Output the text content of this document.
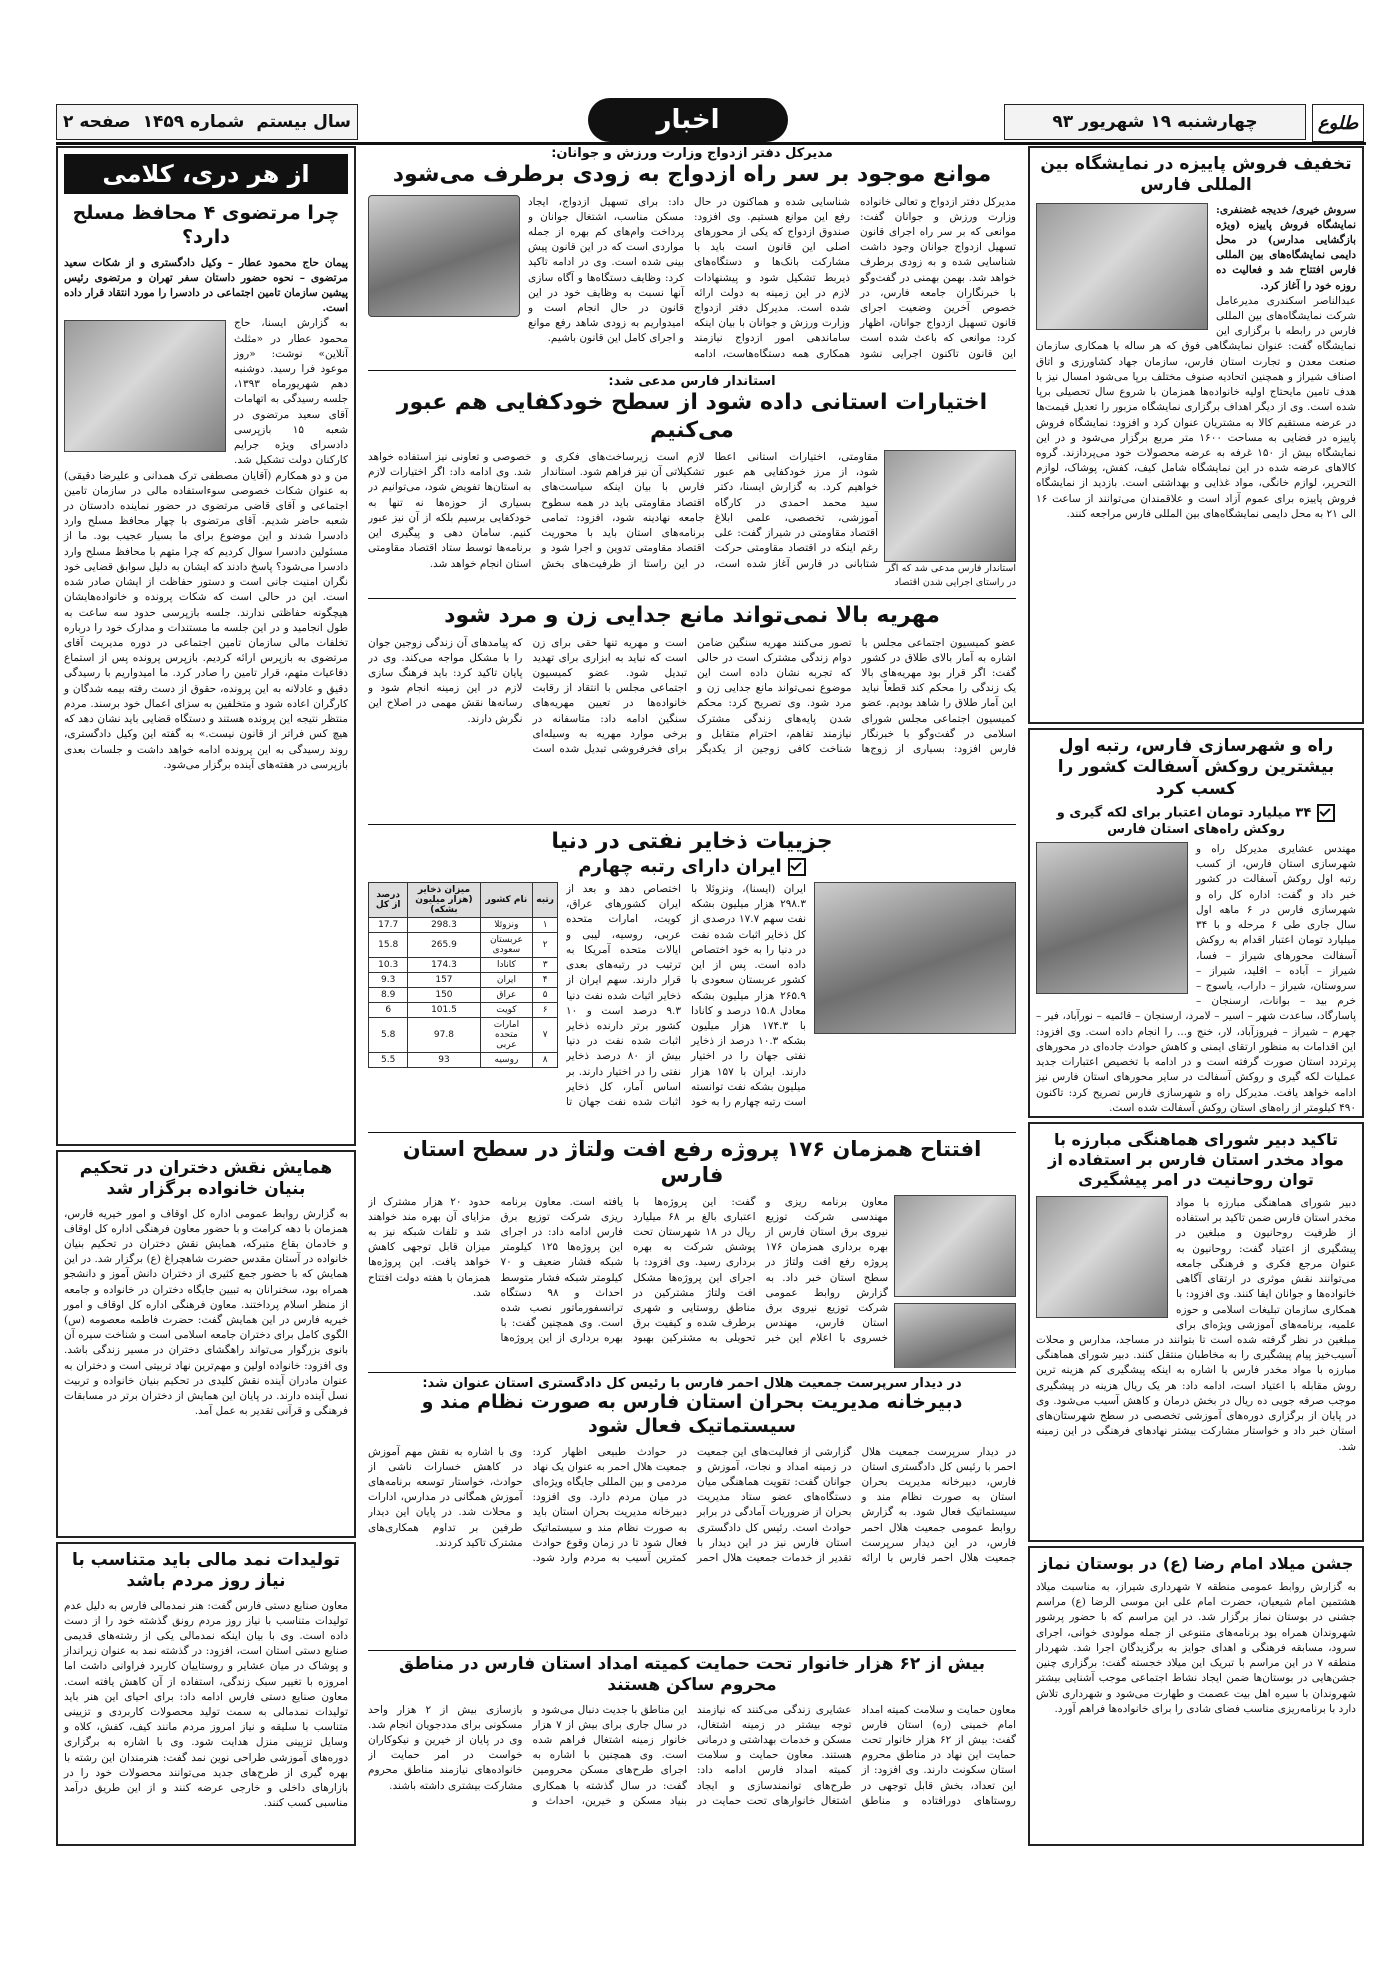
طلوع
چهارشنبه ۱۹ شهریور ۹۳
اخبار
سال بیستم
شماره ۱۴۵۹
صفحه ۲
تخفیف فروش پاییزه در نمایشگاه بین المللی فارس
سروش خیری/ خدیجه غضنفری: نمایشگاه فروش پاییزه (ویژه بازگشایی مدارس) در محل دایمی نمایشگاه‌های بین المللی فارس افتتاح شد و فعالیت ده روزه خود را آغاز کرد.
عبدالناصر اسکندری مدیرعامل شرکت نمایشگاه‌های بین المللی فارس در رابطه با برگزاری این نمایشگاه گفت: عنوان نمایشگاهی فوق که هر ساله با همکاری سازمان صنعت معدن و تجارت استان فارس، سازمان جهاد کشاورزی و اتاق اصناف شیراز و همچنین اتحادیه صنوف مختلف برپا می‌شود امسال نیز با هدف تامین مایحتاج اولیه خانواده‌ها همزمان با شروع سال تحصیلی برپا شده است. وی از دیگر اهداف برگزاری نمایشگاه مزبور را تعدیل قیمت‌ها در عرضه مستقیم کالا به مشتریان عنوان کرد و افزود: نمایشگاه فروش پاییزه در فضایی به مساحت ۱۶۰۰ متر مربع برگزار می‌شود و در این نمایشگاه بیش از ۱۵۰ غرفه به عرضه محصولات خود می‌پردازند. گروه کالاهای عرضه شده در این نمایشگاه شامل کیف، کفش، پوشاک، لوازم التحریر، لوازم خانگی، مواد غذایی و بهداشتی است. بازدید از نمایشگاه فروش پاییزه برای عموم آزاد است و علاقمندان می‌توانند از ساعت ۱۶ الی ۲۱ به محل دایمی نمایشگاه‌های بین المللی فارس مراجعه کنند.
راه و شهرسازی فارس، رتبه اول بیشترین روکش آسفالت کشور را کسب کرد
۳۴ میلیارد تومان اعتبار برای لکه گیری و روکش راه‌های استان فارس
مهندس عشایری مدیرکل راه و شهرسازی استان فارس، از کسب رتبه اول روکش آسفالت در کشور خبر داد و گفت: اداره کل راه و شهرسازی فارس در ۶ ماهه اول سال جاری طی ۶ مرحله و با ۳۴ میلیارد تومان اعتبار اقدام به روکش آسفالت محورهای شیراز – فسا، شیراز – آباده – اقلید، شیراز – سروستان، شیراز – داراب، یاسوج – خرم بید – بوانات، ارسنجان – پاسارگاد، ساعدت شهر – اسیر – لامرد، ارسنجان – قائمیه – نورآباد، فیر – جهرم – شیراز – فیروزآباد، لار، خنج و... را انجام داده است. وی افزود: این اقدامات به منظور ارتقای ایمنی و کاهش حوادث جاده‌ای در محورهای پرتردد استان صورت گرفته است و در ادامه با تخصیص اعتبارات جدید عملیات لکه گیری و روکش آسفالت در سایر محورهای استان فارس نیز ادامه خواهد یافت. مدیرکل راه و شهرسازی فارس تصریح کرد: تاکنون ۴۹۰ کیلومتر از راه‌های استان روکش آسفالت شده است.
تاکید دبیر شورای هماهنگی مبارزه با مواد مخدر استان فارس بر استفاده از توان روحانیت در امر پیشگیری
دبیر شورای هماهنگی مبارزه با مواد مخدر استان فارس ضمن تاکید بر استفاده از ظرفیت روحانیون و مبلغین در پیشگیری از اعتیاد گفت: روحانیون به عنوان مرجع فکری و فرهنگی جامعه می‌توانند نقش موثری در ارتقای آگاهی خانواده‌ها و جوانان ایفا کنند. وی افزود: با همکاری سازمان تبلیغات اسلامی و حوزه علمیه، برنامه‌های آموزشی ویژه‌ای برای مبلغین در نظر گرفته شده است تا بتوانند در مساجد، مدارس و محلات آسیب‌خیز پیام پیشگیری را به مخاطبان منتقل کنند. دبیر شورای هماهنگی مبارزه با مواد مخدر فارس با اشاره به اینکه پیشگیری کم هزینه ترین روش مقابله با اعتیاد است، ادامه داد: هر یک ریال هزینه در پیشگیری موجب صرفه جویی ده ریال در بخش درمان و کاهش آسیب می‌شود. وی در پایان از برگزاری دوره‌های آموزشی تخصصی در سطح شهرستان‌های استان خبر داد و خواستار مشارکت بیشتر نهادهای فرهنگی در این زمینه شد.
جشن میلاد امام رضا (ع) در بوستان نماز
به گزارش روابط عمومی منطقه ۷ شهرداری شیراز، به مناسبت میلاد هشتمین امام شیعیان، حضرت امام علی ابن موسی الرضا (ع) مراسم جشنی در بوستان نماز برگزار شد. در این مراسم که با حضور پرشور شهروندان همراه بود برنامه‌های متنوعی از جمله مولودی خوانی، اجرای سرود، مسابقه فرهنگی و اهدای جوایز به برگزیدگان اجرا شد. شهردار منطقه ۷ در این مراسم با تبریک این میلاد خجسته گفت: برگزاری چنین جشن‌هایی در بوستان‌ها ضمن ایجاد نشاط اجتماعی موجب آشنایی بیشتر شهروندان با سیره اهل بیت عصمت و طهارت می‌شود و شهرداری تلاش دارد با برنامه‌ریزی مناسب فضای شادی را برای خانواده‌ها فراهم آورد.
مدیرکل دفتر ازدواج وزارت ورزش و جوانان:
موانع موجود بر سر راه ازدواج به زودی برطرف می‌شود
مدیرکل دفتر ازدواج و تعالی خانواده وزارت ورزش و جوانان گفت: موانعی که بر سر راه اجرای قانون تسهیل ازدواج جوانان وجود داشت شناسایی شده و به زودی برطرف خواهد شد. بهمن بهمنی در گفت‌وگو با خبرنگاران جامعه فارس، در خصوص آخرین وضعیت اجرای قانون تسهیل ازدواج جوانان، اظهار کرد: موانعی که باعث شده است این قانون تاکنون اجرایی نشود شناسایی شده و هماکنون در حال رفع این موانع هستیم. وی افزود: صندوق ازدواج که یکی از محورهای اصلی این قانون است باید با مشارکت بانک‌ها و دستگاه‌های ذیربط تشکیل شود و پیشنهادات لازم در این زمینه به دولت ارائه شده است. مدیرکل دفتر ازدواج وزارت ورزش و جوانان با بیان اینکه ساماندهی امور ازدواج نیازمند همکاری همه دستگاه‌هاست، ادامه داد: برای تسهیل ازدواج، ایجاد مسکن مناسب، اشتغال جوانان و پرداخت وام‌های کم بهره از جمله مواردی است که در این قانون پیش بینی شده است. وی در ادامه تاکید کرد: وظایف دستگاه‌ها و آگاه سازی آنها نسبت به وظایف خود در این قانون در حال انجام است و امیدواریم به زودی شاهد رفع موانع و اجرای کامل این قانون باشیم.
استاندار فارس مدعی شد:
اختیارات استانی داده شود از سطح خودکفایی هم عبور می‌کنیم
استاندار فارس مدعی شد که اگر در راستای اجرایی شدن اقتصاد
مقاومتی، اختیارات استانی اعطا شود، از مرز خودکفایی هم عبور خواهیم کرد. به گزارش ایسنا، دکتر سید محمد احمدی در کارگاه آموزشی، تخصصی، علمی ابلاغ اقتصاد مقاومتی در شیراز گفت: علی رغم اینکه در اقتصاد مقاومتی حرکت شتابانی در فارس آغاز شده است، لازم است زیرساخت‌های فکری و تشکیلاتی آن نیز فراهم شود. استاندار فارس با بیان اینکه سیاست‌های اقتصاد مقاومتی باید در همه سطوح جامعه نهادینه شود، افزود: تمامی برنامه‌های استان باید با محوریت اقتصاد مقاومتی تدوین و اجرا شود و در این راستا از ظرفیت‌های بخش خصوصی و تعاونی نیز استفاده خواهد شد. وی ادامه داد: اگر اختیارات لازم به استان‌ها تفویض شود، می‌توانیم در بسیاری از حوزه‌ها نه تنها به خودکفایی برسیم بلکه از آن نیز عبور کنیم. سامان دهی و پیگیری این برنامه‌ها توسط ستاد اقتصاد مقاومتی استان انجام خواهد شد.
مهریه بالا نمی‌تواند مانع جدایی زن و مرد شود
عضو کمیسیون اجتماعی مجلس با اشاره به آمار بالای طلاق در کشور گفت: اگر قرار بود مهریه‌های بالا یک زندگی را محکم کند قطعاً نباید این آمار طلاق را شاهد بودیم. عضو کمیسیون اجتماعی مجلس شورای اسلامی در گفت‌وگو با خبرنگار فارس افزود: بسیاری از زوج‌ها تصور می‌کنند مهریه سنگین ضامن دوام زندگی مشترک است در حالی که تجربه نشان داده است این موضوع نمی‌تواند مانع جدایی زن و مرد شود. وی تصریح کرد: محکم شدن پایه‌های زندگی مشترک نیازمند تفاهم، احترام متقابل و شناخت کافی زوجین از یکدیگر است و مهریه تنها حقی برای زن است که نباید به ابزاری برای تهدید تبدیل شود. عضو کمیسیون اجتماعی مجلس با انتقاد از رقابت خانواده‌ها در تعیین مهریه‌های سنگین ادامه داد: متاسفانه در برخی موارد مهریه به وسیله‌ای برای فخرفروشی تبدیل شده است که پیامدهای آن زندگی زوجین جوان را با مشکل مواجه می‌کند. وی در پایان تاکید کرد: باید فرهنگ سازی لازم در این زمینه انجام شود و رسانه‌ها نقش مهمی در اصلاح این نگرش دارند.
جزییات ذخایر نفتی در دنیا
ایران دارای رتبه چهارم
ایران (ایسنا)، ونزوئلا با ۲۹۸.۳ هزار میلیون بشکه نفت سهم ۱۷.۷ درصدی از کل ذخایر اثبات شده نفت در دنیا را به خود اختصاص داده است. پس از این کشور عربستان سعودی با ۲۶۵.۹ هزار میلیون بشکه معادل ۱۵.۸ درصد و کانادا با ۱۷۴.۳ هزار میلیون بشکه ۱۰.۳ درصد از ذخایر نفتی جهان را در اختیار دارند. ایران با ۱۵۷ هزار میلیون بشکه نفت توانسته است رتبه چهارم را به خود اختصاص دهد و بعد از ایران کشورهای عراق، کویت، امارات متحده عربی، روسیه، لیبی و ایالات متحده آمریکا به ترتیب در رتبه‌های بعدی قرار دارند. سهم ایران از ذخایر اثبات شده نفت دنیا ۹.۳ درصد است و ۱۰ کشور برتر دارنده ذخایر اثبات شده نفت در دنیا بیش از ۸۰ درصد ذخایر نفتی را در اختیار دارند. بر اساس آمار، کل ذخایر اثبات شده نفت جهان تا
رتبه	نام کشور	میزان ذخایر (هزار میلیون بشکه)	درصد از کل
۱	ونزوئلا	298.3	17.7
۲	عربستان سعودی	265.9	15.8
۳	کانادا	174.3	10.3
۴	ایران	157	9.3
۵	عراق	150	8.9
۶	کویت	101.5	6
۷	امارات متحده عربی	97.8	5.8
۸	روسیه	93	5.5
افتتاح همزمان ۱۷۶ پروژه رفع افت ولتاژ در سطح استان فارس
معاون برنامه ریزی و مهندسی شرکت توزیع نیروی برق استان فارس از بهره برداری همزمان ۱۷۶ پروژه رفع افت ولتاژ در سطح استان خبر داد. به گزارش روابط عمومی شرکت توزیع نیروی برق استان فارس، مهندس خسروی با اعلام این خبر گفت: این پروژه‌ها با اعتباری بالغ بر ۶۸ میلیارد ریال در ۱۸ شهرستان تحت پوشش شرکت به بهره برداری رسید. وی افزود: با اجرای این پروژه‌ها مشکل افت ولتاژ مشترکین در مناطق روستایی و شهری برطرف شده و کیفیت برق تحویلی به مشترکین بهبود یافته است. معاون برنامه ریزی شرکت توزیع برق فارس ادامه داد: در اجرای این پروژه‌ها ۱۲۵ کیلومتر شبکه فشار ضعیف و ۷۰ کیلومتر شبکه فشار متوسط احداث و ۹۸ دستگاه ترانسفورماتور نصب شده است. وی همچنین گفت: با بهره برداری از این پروژه‌ها حدود ۲۰ هزار مشترک از مزایای آن بهره مند خواهند شد و تلفات شبکه نیز به میزان قابل توجهی کاهش خواهد یافت. این پروژه‌ها همزمان با هفته دولت افتتاح شد.
در دیدار سرپرست جمعیت هلال احمر فارس با رئیس کل دادگستری استان عنوان شد:
دبیرخانه مدیریت بحران استان فارس به صورت نظام مند و سیستماتیک فعال شود
در دیدار سرپرست جمعیت هلال احمر با رئیس کل دادگستری استان فارس، دبیرخانه مدیریت بحران استان به صورت نظام مند و سیستماتیک فعال شود. به گزارش روابط عمومی جمعیت هلال احمر فارس، در این دیدار سرپرست جمعیت هلال احمر فارس با ارائه گزارشی از فعالیت‌های این جمعیت در زمینه امداد و نجات، آموزش و جوانان گفت: تقویت هماهنگی میان دستگاه‌های عضو ستاد مدیریت بحران از ضروریات آمادگی در برابر حوادث است. رئیس کل دادگستری استان فارس نیز در این دیدار با تقدیر از خدمات جمعیت هلال احمر در حوادث طبیعی اظهار کرد: جمعیت هلال احمر به عنوان یک نهاد مردمی و بین المللی جایگاه ویژه‌ای در میان مردم دارد. وی افزود: دبیرخانه مدیریت بحران استان باید به صورت نظام مند و سیستماتیک فعال شود تا در زمان وقوع حوادث کمترین آسیب به مردم وارد شود. وی با اشاره به نقش مهم آموزش در کاهش خسارات ناشی از حوادث، خواستار توسعه برنامه‌های آموزش همگانی در مدارس، ادارات و محلات شد. در پایان این دیدار طرفین بر تداوم همکاری‌های مشترک تاکید کردند.
بیش از ۶۲ هزار خانوار تحت حمایت کمیته امداد استان فارس در مناطق محروم ساکن هستند
معاون حمایت و سلامت کمیته امداد امام خمینی (ره) استان فارس گفت: بیش از ۶۲ هزار خانوار تحت حمایت این نهاد در مناطق محروم استان سکونت دارند. وی افزود: از این تعداد، بخش قابل توجهی در روستاهای دورافتاده و مناطق عشایری زندگی می‌کنند که نیازمند توجه بیشتر در زمینه اشتغال، مسکن و خدمات بهداشتی و درمانی هستند. معاون حمایت و سلامت کمیته امداد فارس ادامه داد: طرح‌های توانمندسازی و ایجاد اشتغال خانوارهای تحت حمایت در این مناطق با جدیت دنبال می‌شود و در سال جاری برای بیش از ۷ هزار خانوار زمینه اشتغال فراهم شده است. وی همچنین با اشاره به اجرای طرح‌های مسکن محرومین گفت: در سال گذشته با همکاری بنیاد مسکن و خیرین، احداث و بازسازی بیش از ۲ هزار واحد مسکونی برای مددجویان انجام شد. وی در پایان از خیرین و نیکوکاران خواست در امر حمایت از خانواده‌های نیازمند مناطق محروم مشارکت بیشتری داشته باشند.
از هر دری، کلامی
چرا مرتضوی ۴ محافظ مسلح دارد؟
پیمان حاج محمود عطار – وکیل دادگستری و از شکات سعید مرتضوی – نحوه حضور داستان سفر تهران و مرتضوی رئیس پیشین سازمان تامین اجتماعی در دادسرا را مورد انتقاد قرار داده است.
به گزارش ایسنا، حاج محمود عطار در «مثلث آنلاین» نوشت: «روز موعود فرا رسید. دوشنبه دهم شهریورماه ۱۳۹۳، جلسه رسیدگی به اتهامات آقای سعید مرتضوی در شعبه ۱۵ بازپرسی دادسرای ویژه جرایم کارکنان دولت تشکیل شد. من و دو همکارم (آقایان مصطفی ترک همدانی و علیرضا دقیقی) به عنوان شکات خصوصی سوءاستفاده مالی در سازمان تامین اجتماعی و آقای قاضی مرتضوی در حضور نماینده دادستان در شعبه حاضر شدیم. آقای مرتضوی با چهار محافظ مسلح وارد دادسرا شدند و این موضوع برای ما بسیار عجیب بود. ما از مسئولین دادسرا سوال کردیم که چرا متهم با محافظ مسلح وارد دادسرا می‌شود؟ پاسخ دادند که ایشان به دلیل سوابق قضایی خود نگران امنیت جانی است و دستور حفاظت از ایشان صادر شده است. این در حالی است که شکات پرونده و خانواده‌هایشان هیچگونه حفاظتی ندارند. جلسه بازپرسی حدود سه ساعت به طول انجامید و در این جلسه ما مستندات و مدارک خود را درباره تخلفات مالی سازمان تامین اجتماعی در دوره مدیریت آقای مرتضوی به بازپرس ارائه کردیم. بازپرس پرونده پس از استماع دفاعیات متهم، قرار تامین را صادر کرد. ما امیدواریم با رسیدگی دقیق و عادلانه به این پرونده، حقوق از دست رفته بیمه شدگان و کارگران اعاده شود و متخلفین به سزای اعمال خود برسند. مردم منتظر نتیجه این پرونده هستند و دستگاه قضایی باید نشان دهد که هیچ کس فراتر از قانون نیست.» به گفته این وکیل دادگستری، روند رسیدگی به این پرونده ادامه خواهد داشت و جلسات بعدی بازپرسی در هفته‌های آینده برگزار می‌شود.
همایش نقش دختران در تحکیم بنیان خانواده برگزار شد
به گزارش روابط عمومی اداره کل اوقاف و امور خیریه فارس، همزمان با دهه کرامت و با حضور معاون فرهنگی اداره کل اوقاف و خادمان بقاع متبرکه، همایش نقش دختران در تحکیم بنیان خانواده در آستان مقدس حضرت شاهچراغ (ع) برگزار شد. در این همایش که با حضور جمع کثیری از دختران دانش آموز و دانشجو همراه بود، سخنرانان به تبیین جایگاه دختران در خانواده و جامعه از منظر اسلام پرداختند. معاون فرهنگی اداره کل اوقاف و امور خیریه فارس در این همایش گفت: حضرت فاطمه معصومه (س) الگوی کامل برای دختران جامعه اسلامی است و شناخت سیره آن بانوی بزرگوار می‌تواند راهگشای دختران در مسیر زندگی باشد. وی افزود: خانواده اولین و مهم‌ترین نهاد تربیتی است و دختران به عنوان مادران آینده نقش کلیدی در تحکیم بنیان خانواده و تربیت نسل آینده دارند. در پایان این همایش از دختران برتر در مسابقات فرهنگی و قرآنی تقدیر به عمل آمد.
تولیدات نمد مالی باید متناسب با نیاز روز مردم باشد
معاون صنایع دستی فارس گفت: هنر نمدمالی فارس به دلیل عدم تولیدات متناسب با نیاز روز مردم رونق گذشته خود را از دست داده است. وی با بیان اینکه نمدمالی یکی از رشته‌های قدیمی صنایع دستی استان است، افزود: در گذشته نمد به عنوان زیرانداز و پوشاک در میان عشایر و روستاییان کاربرد فراوانی داشت اما امروزه با تغییر سبک زندگی، استفاده از آن کاهش یافته است. معاون صنایع دستی فارس ادامه داد: برای احیای این هنر باید تولیدات نمدمالی به سمت تولید محصولات کاربردی و تزیینی متناسب با سلیقه و نیاز امروز مردم مانند کیف، کفش، کلاه و وسایل تزیینی منزل هدایت شود. وی با اشاره به برگزاری دوره‌های آموزشی طراحی نوین نمد گفت: هنرمندان این رشته با بهره گیری از طرح‌های جدید می‌توانند محصولات خود را در بازارهای داخلی و خارجی عرضه کنند و از این طریق درآمد مناسبی کسب کنند.
